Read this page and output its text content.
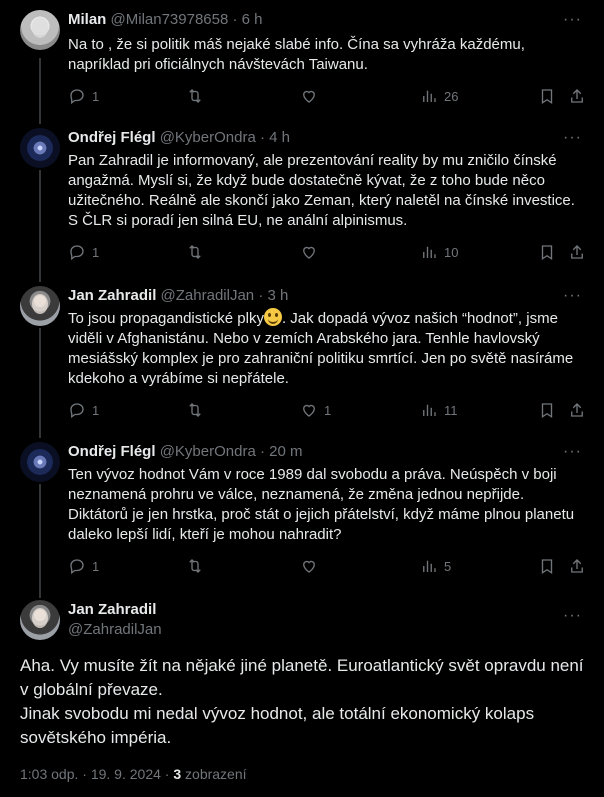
Milan @Milan73978658 · 6 h	···
Na to , že si politik máš nejaké slabé info. Čína sa vyhráža každému, napríklad pri oficiálnych návštevách Taiwanu.
1	26
Ondřej Flégl @KyberOndra · 4 h	···
Pan Zahradil je informovaný, ale prezentování reality by mu zničilo čínské angažmá. Myslí si, že když bude dostatečně kývat, že z toho bude něco užitečného. Reálně ale skončí jako Zeman, který naletěl na čínské investice. S ČLR si poradí jen silná EU, ne anální alpinismus.
1	10
Jan Zahradil @ZahradilJan · 3 h	···
To jsou propagandistické plky . Jak dopadá vývoz našich “hodnot”, jsme viděli v Afghanistánu. Nebo v zemích Arabského jara. Tenhle havlovský mesiášský komplex je pro zahraniční politiku smrtící. Jen po světě nasíráme kdekoho a vyrábíme si nepřátele.
1	1	11
Ondřej Flégl @KyberOndra · 20 m	···
Ten vývoz hodnot Vám v roce 1989 dal svobodu a práva. Neúspěch v boji neznamená prohru ve válce, neznamená, že změna jednou nepřijde. Diktátorů je jen hrstka, proč stát o jejich přátelství, když máme plnou planetu daleko lepší lidí, kteří je mohou nahradit?
1	5
Jan Zahradil
@ZahradilJan
···
Aha. Vy musíte žít na nějaké jiné planetě. Euroatlantický svět opravdu není v globální převaze.
Jinak svobodu mi nedal vývoz hodnot, ale totální ekonomický kolaps sovětského impéria.
1:03 odp. · 19. 9. 2024 · 3 zobrazení
